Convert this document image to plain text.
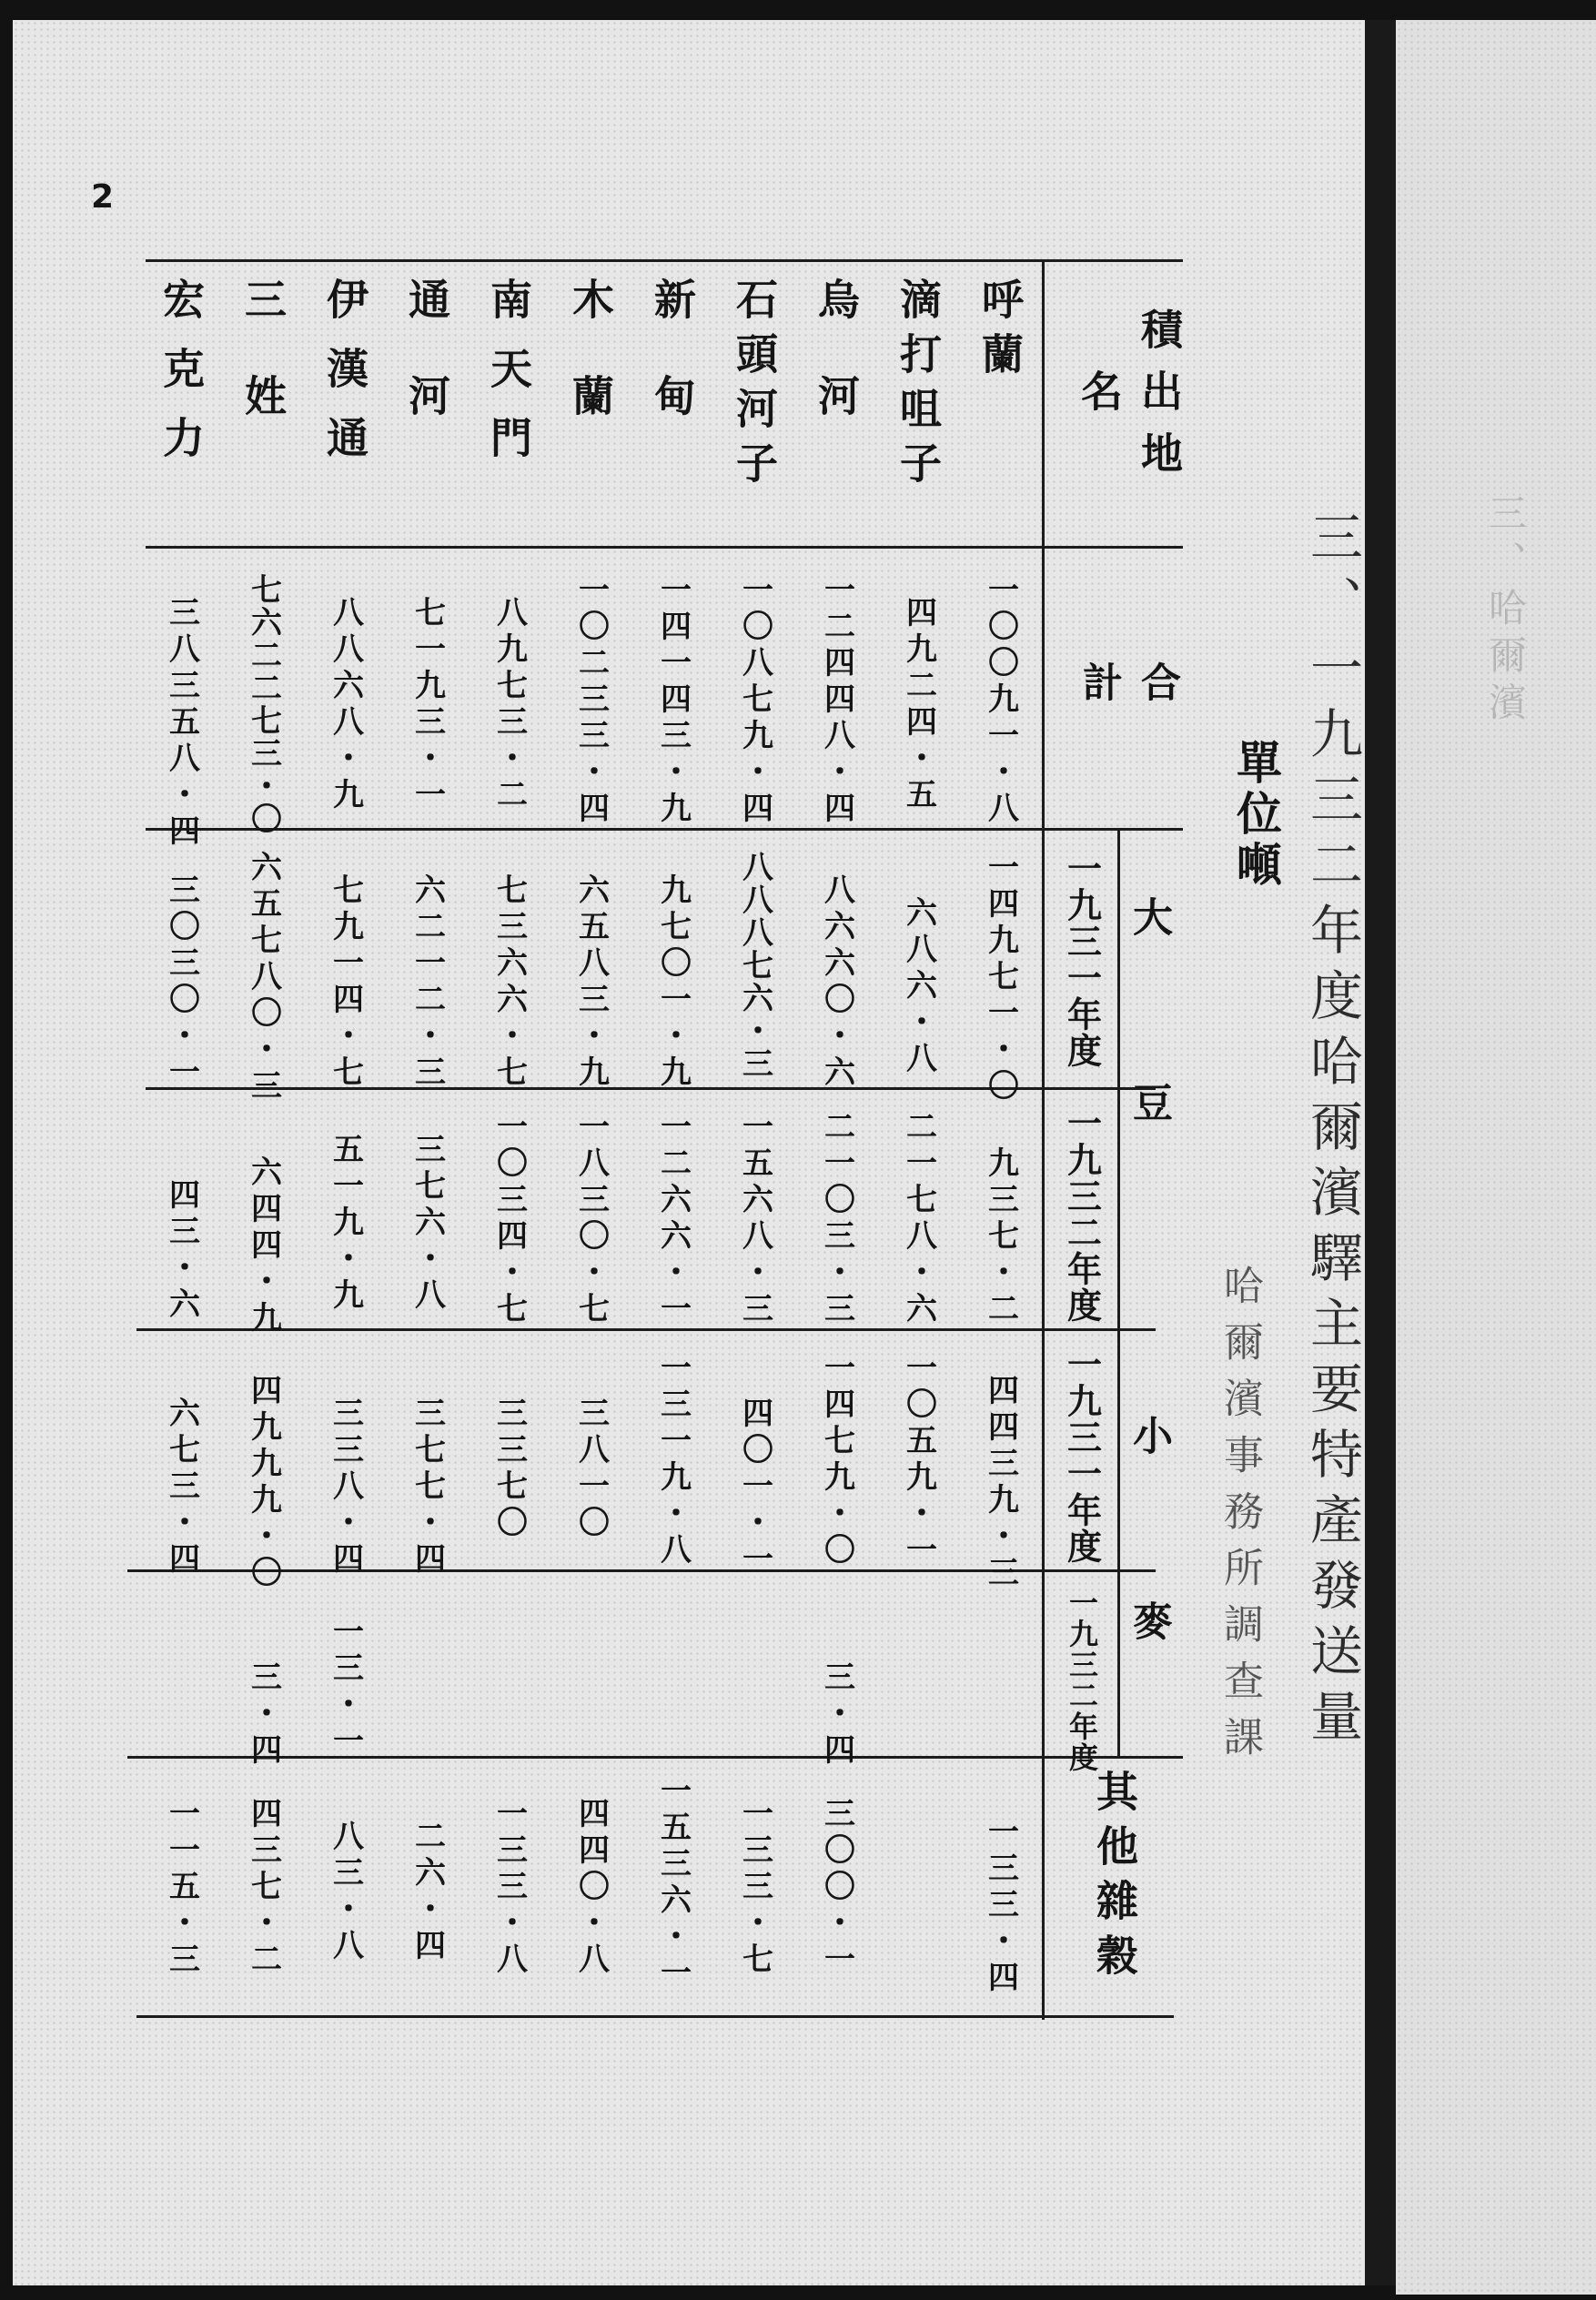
三、哈爾濱
2
三、一九三二年度哈爾濱驛主要特產發送量
單位噸
哈爾濱事務所調查課
積出地名
合計
大豆
小麥
一九三一年度
一九三二年度
一九三一年度
一九三二年度
其他雜穀
呼蘭
滴打咀子
烏河
石頭河子
新甸
木蘭
南天門
通河
伊漢通
三姓
宏克力
一〇〇九一・八
四九二四・五
一二四四八・四
一〇八七九・四
一四一四三・九
一〇二三三・四
八九七三・二
七一九三・一
八八六八・九
七六二二七三・〇
三八三五八・四
一四九七一・〇
六八六・八
八六六〇・六
八八八七六・三
九七〇一・九
六五八三・九
七三六六・七
六二一二・三
七九一四・七
六五七八〇・三
三〇三〇・一
九三七・二
二一七八・六
二一〇三・三
一五六八・三
一二六六・一
一八三〇・七
一〇三四・七
三七六・八
五一九・九
六四四・九
四三・六
四四三九・三
一〇五九・一
一四七九・〇
四〇一・一
一三一九・八
三八一〇
三三七〇
三七七・四
三三八・四
四九九九・〇
六七三・四
三・四
一三・一
三・四
一三三・四
三〇〇・一
一三三・七
一五三六・一
四四〇・八
一三三・八
二六・四
八三・八
四三七・二
一一五・三
